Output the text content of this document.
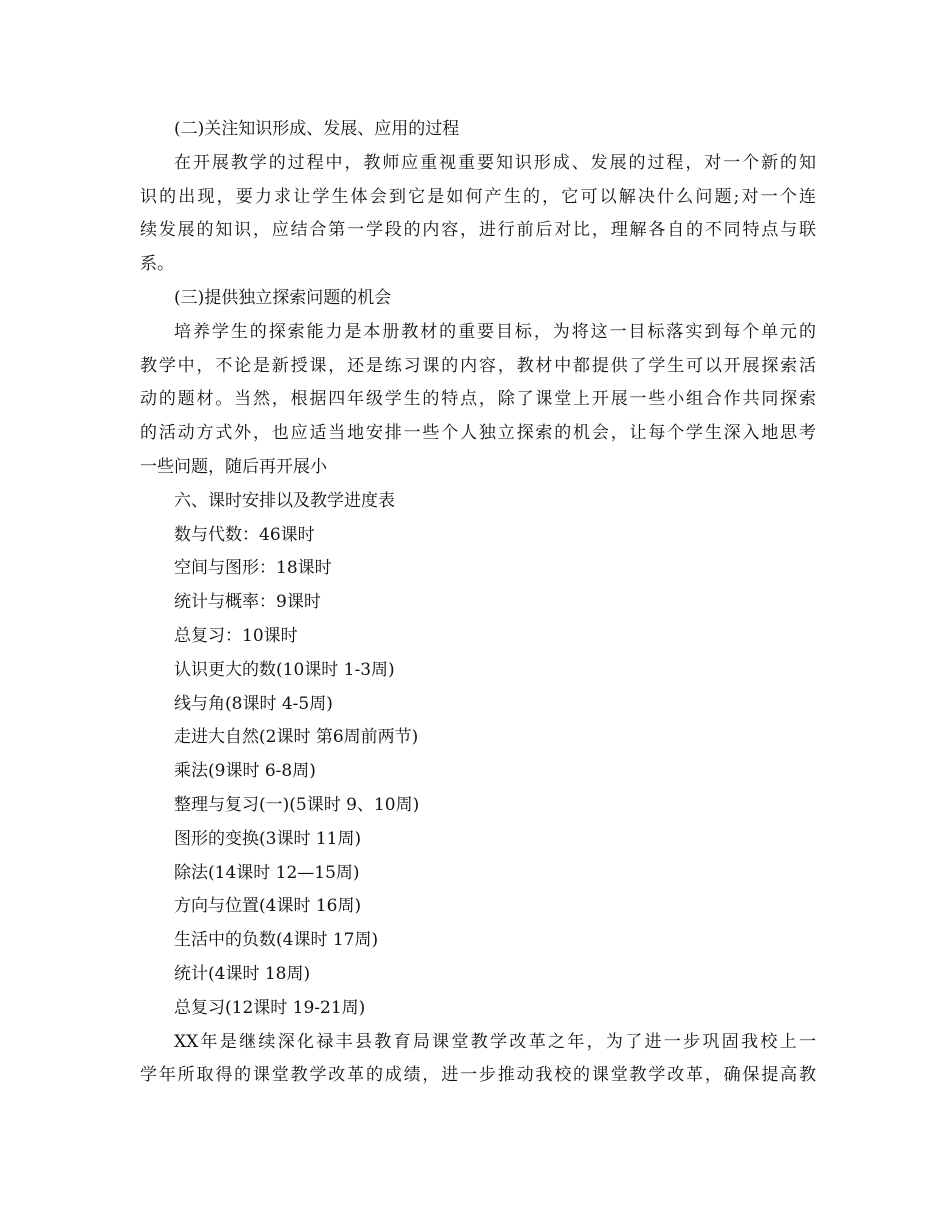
(二)关注知识形成、发展、应用的过程

在开展教学的过程中，教师应重视重要知识形成、发展的过程，对一个新的知

识的出现，要力求让学生体会到它是如何产生的，它可以解决什么问题;对一个连

续发展的知识，应结合第一学段的内容，进行前后对比，理解各自的不同特点与联

系。

(三)提供独立探索问题的机会

培养学生的探索能力是本册教材的重要目标，为将这一目标落实到每个单元的

教学中，不论是新授课，还是练习课的内容，教材中都提供了学生可以开展探索活

动的题材。当然，根据四年级学生的特点，除了课堂上开展一些小组合作共同探索

的活动方式外，也应适当地安排一些个人独立探索的机会，让每个学生深入地思考

一些问题，随后再开展小

六、课时安排以及教学进度表

数与代数：46课时

空间与图形：18课时

统计与概率：9课时

总复习：10课时

认识更大的数(10课时 1-3周)

线与角(8课时 4-5周)

走进大自然(2课时 第6周前两节)

乘法(9课时 6-8周)

整理与复习(一)(5课时 9、10周)

图形的变换(3课时 11周)

除法(14课时 12—15周)

方向与位置(4课时 16周)

生活中的负数(4课时 17周)

统计(4课时 18周)

总复习(12课时 19-21周)

XX年是继续深化禄丰县教育局课堂教学改革之年，为了进一步巩固我校上一

学年所取得的课堂教学改革的成绩，进一步推动我校的课堂教学改革，确保提高教
